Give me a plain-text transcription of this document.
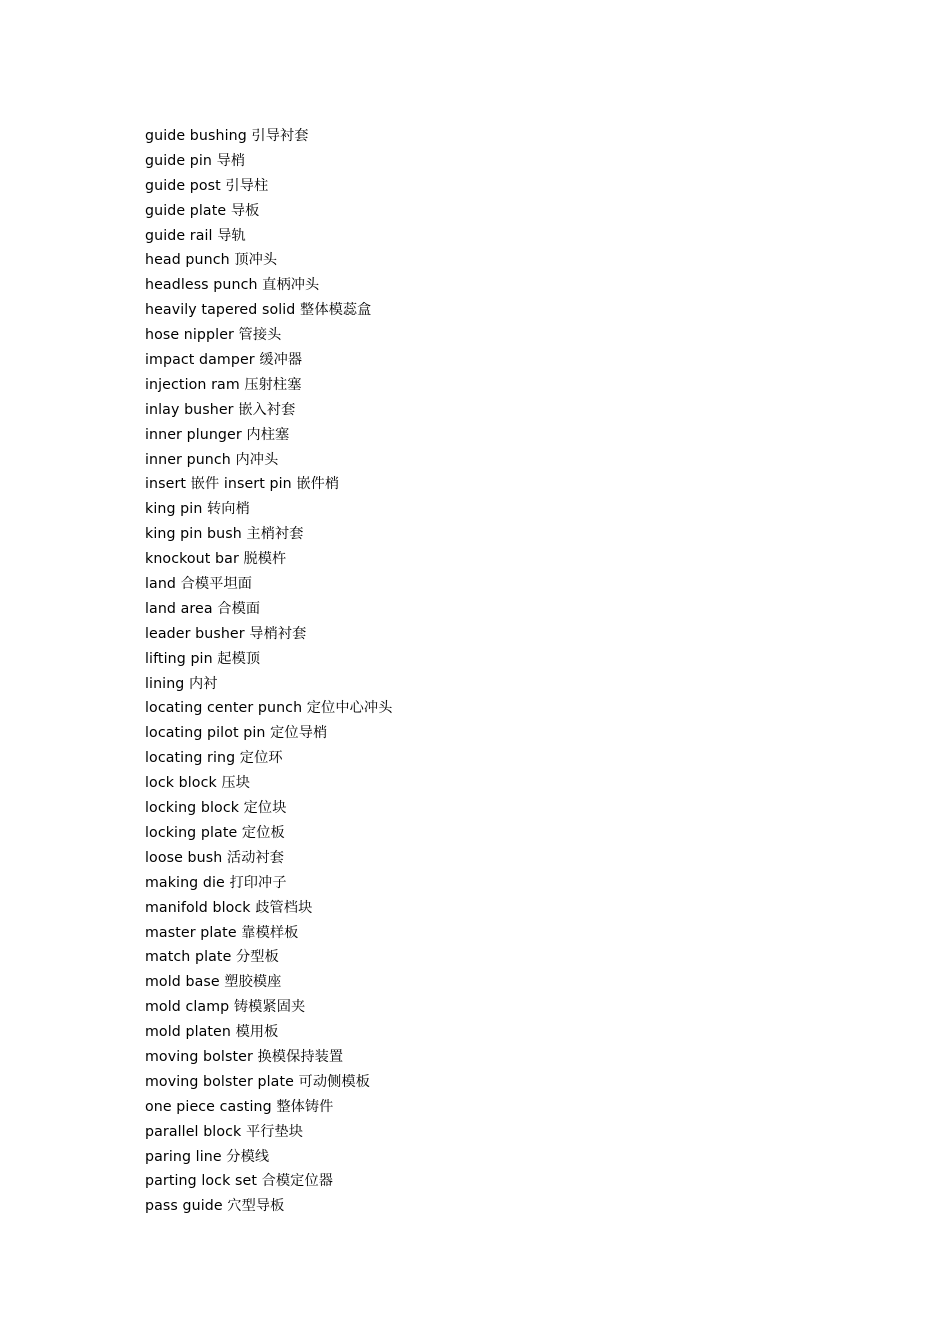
guide bushing 引导衬套
guide pin 导梢
guide post 引导柱
guide plate 导板
guide rail 导轨
head punch 顶冲头
headless punch 直柄冲头
heavily tapered solid 整体模蕊盒
hose nippler 管接头
impact damper 缓冲器
injection ram 压射柱塞
inlay busher 嵌入衬套
inner plunger 内柱塞
inner punch 内冲头
insert 嵌件 insert pin 嵌件梢
king pin 转向梢
king pin bush 主梢衬套
knockout bar 脱模杵
land 合模平坦面
land area 合模面
leader busher 导梢衬套
lifting pin 起模顶
lining 内衬
locating center punch 定位中心冲头
locating pilot pin 定位导梢
locating ring 定位环
lock block 压块
locking block 定位块
locking plate 定位板
loose bush 活动衬套
making die 打印冲子
manifold block 歧管档块
master plate 靠模样板
match plate 分型板
mold base 塑胶模座
mold clamp 铸模紧固夹
mold platen 模用板
moving bolster 换模保持装置
moving bolster plate 可动侧模板
one piece casting 整体铸件
parallel block 平行垫块
paring line 分模线
parting lock set 合模定位器
pass guide 穴型导板
